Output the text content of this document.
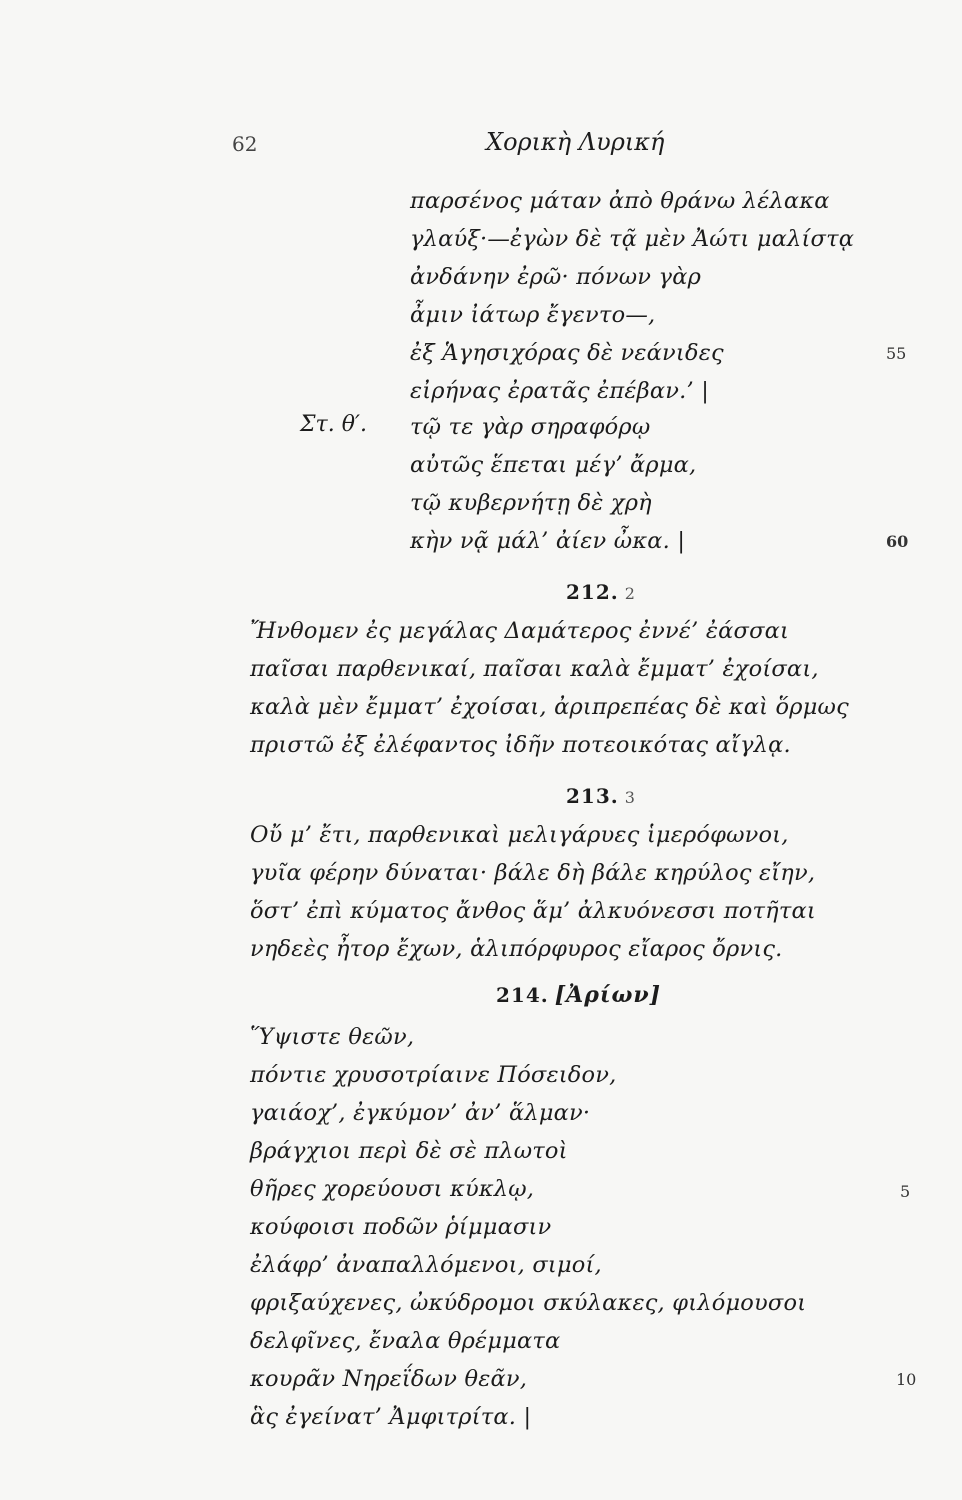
62	Χορικὴ Λυρική
παρσένος μάταν ἀπὸ θράνω λέλακα
γλαύξ·—ἐγὼν δὲ τᾷ μὲν Ἀώτι μαλίστᾳ
ἀνδάνην ἐρῶ· πόνων γὰρ
ἆμιν ἰάτωρ ἔγεντο—,
ἐξ Ἁγησιχόρας δὲ νεάνιδες
εἰρήνας ἐρατᾶς ἐπέβαν.’ |
Στ. θ′. τῷ τε γὰρ σηραφόρῳ
αὐτῶς ἕπεται μέγ’ ἄρμα,
τῷ κυβερνήτῃ δὲ χρὴ
κὴν νᾷ μάλ’ ἀίεν ὦκα. |
55
60
212. 2
Ἤνθομεν ἐς μεγάλας Δαμάτερος ἐννέ’ ἐάσσαι
παῖσαι παρθενικαί, παῖσαι καλὰ ἔμματ’ ἐχοίσαι,
καλὰ μὲν ἔμματ’ ἐχοίσαι, ἀριπρεπέας δὲ καὶ ὅρμως
πριστῶ ἐξ ἐλέφαντος ἰδῆν ποτεοικότας αἴγλᾳ.
213. 3
Οὔ μ’ ἔτι, παρθενικαὶ μελιγάρυες ἱμερόφωνοι,
γυῖα φέρην δύναται· βάλε δὴ βάλε κηρύλος εἴην,
ὅστ’ ἐπὶ κύματος ἄνθος ἅμ’ ἀλκυόνεσσι ποτῆται
νηδεὲς ἦτορ ἔχων, ἁλιπόρφυρος εἴαρος ὄρνις.
214. [Ἀρίων]
Ὕψιστε θεῶν,
πόντιε χρυσοτρίαινε Πόσειδον,
γαιάοχ’, ἐγκύμον’ ἀν’ ἅλμαν·
βράγχιοι περὶ δὲ σὲ πλωτοὶ
θῆρες χορεύουσι κύκλῳ,
κούφοισι ποδῶν ῥίμμασιν
ἐλάφρ’ ἀναπαλλόμενοι, σιμοί,
φριξαύχενες, ὠκύδρομοι σκύλακες, φιλόμουσοι
δελφῖνες, ἔναλα θρέμματα
κουρᾶν Νηρεΐδων θεᾶν,
ἃς ἐγείνατ’ Ἀμφιτρίτα. |
5
10
